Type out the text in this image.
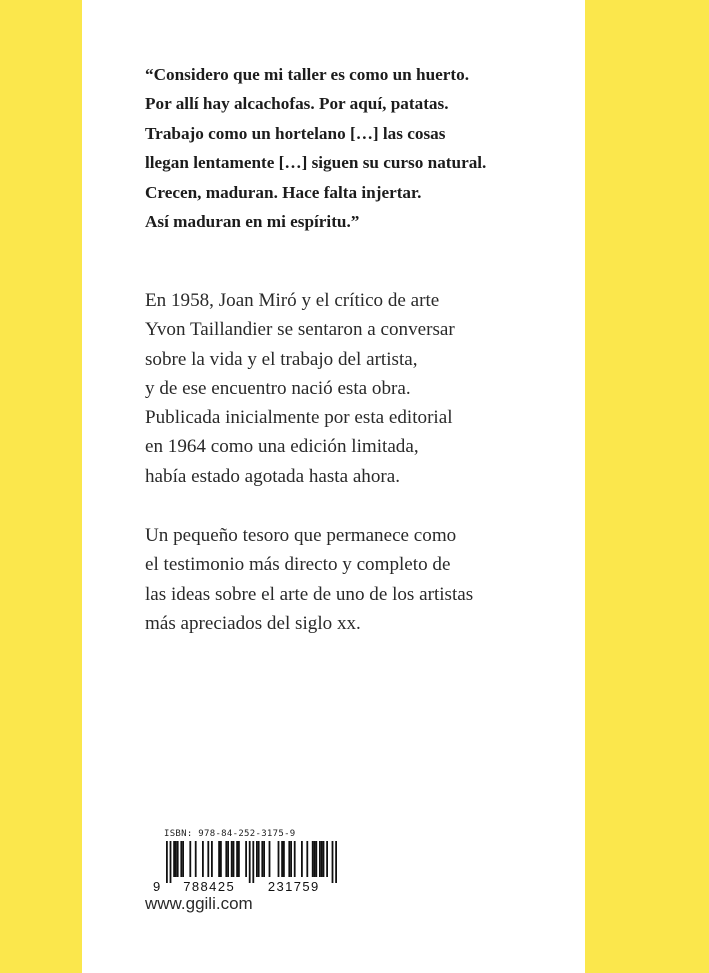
“Considero que mi taller es como un huerto.
Por allí hay alcachofas. Por aquí, patatas.
Trabajo como un hortelano […] las cosas
llegan lentamente […] siguen su curso natural.
Crecen, maduran. Hace falta injertar.
Así maduran en mi espíritu.”

En 1958, Joan Miró y el crítico de arte
Yvon Taillandier se sentaron a conversar
sobre la vida y el trabajo del artista,
y de ese encuentro nació esta obra.
Publicada inicialmente por esta editorial
en 1964 como una edición limitada,
había estado agotada hasta ahora.

Un pequeño tesoro que permanece como
el testimonio más directo y completo de
las ideas sobre el arte de uno de los artistas
más apreciados del siglo xx.

ISBN: 978-84-252-3175-9
9 788425	231759
www.ggili.com
